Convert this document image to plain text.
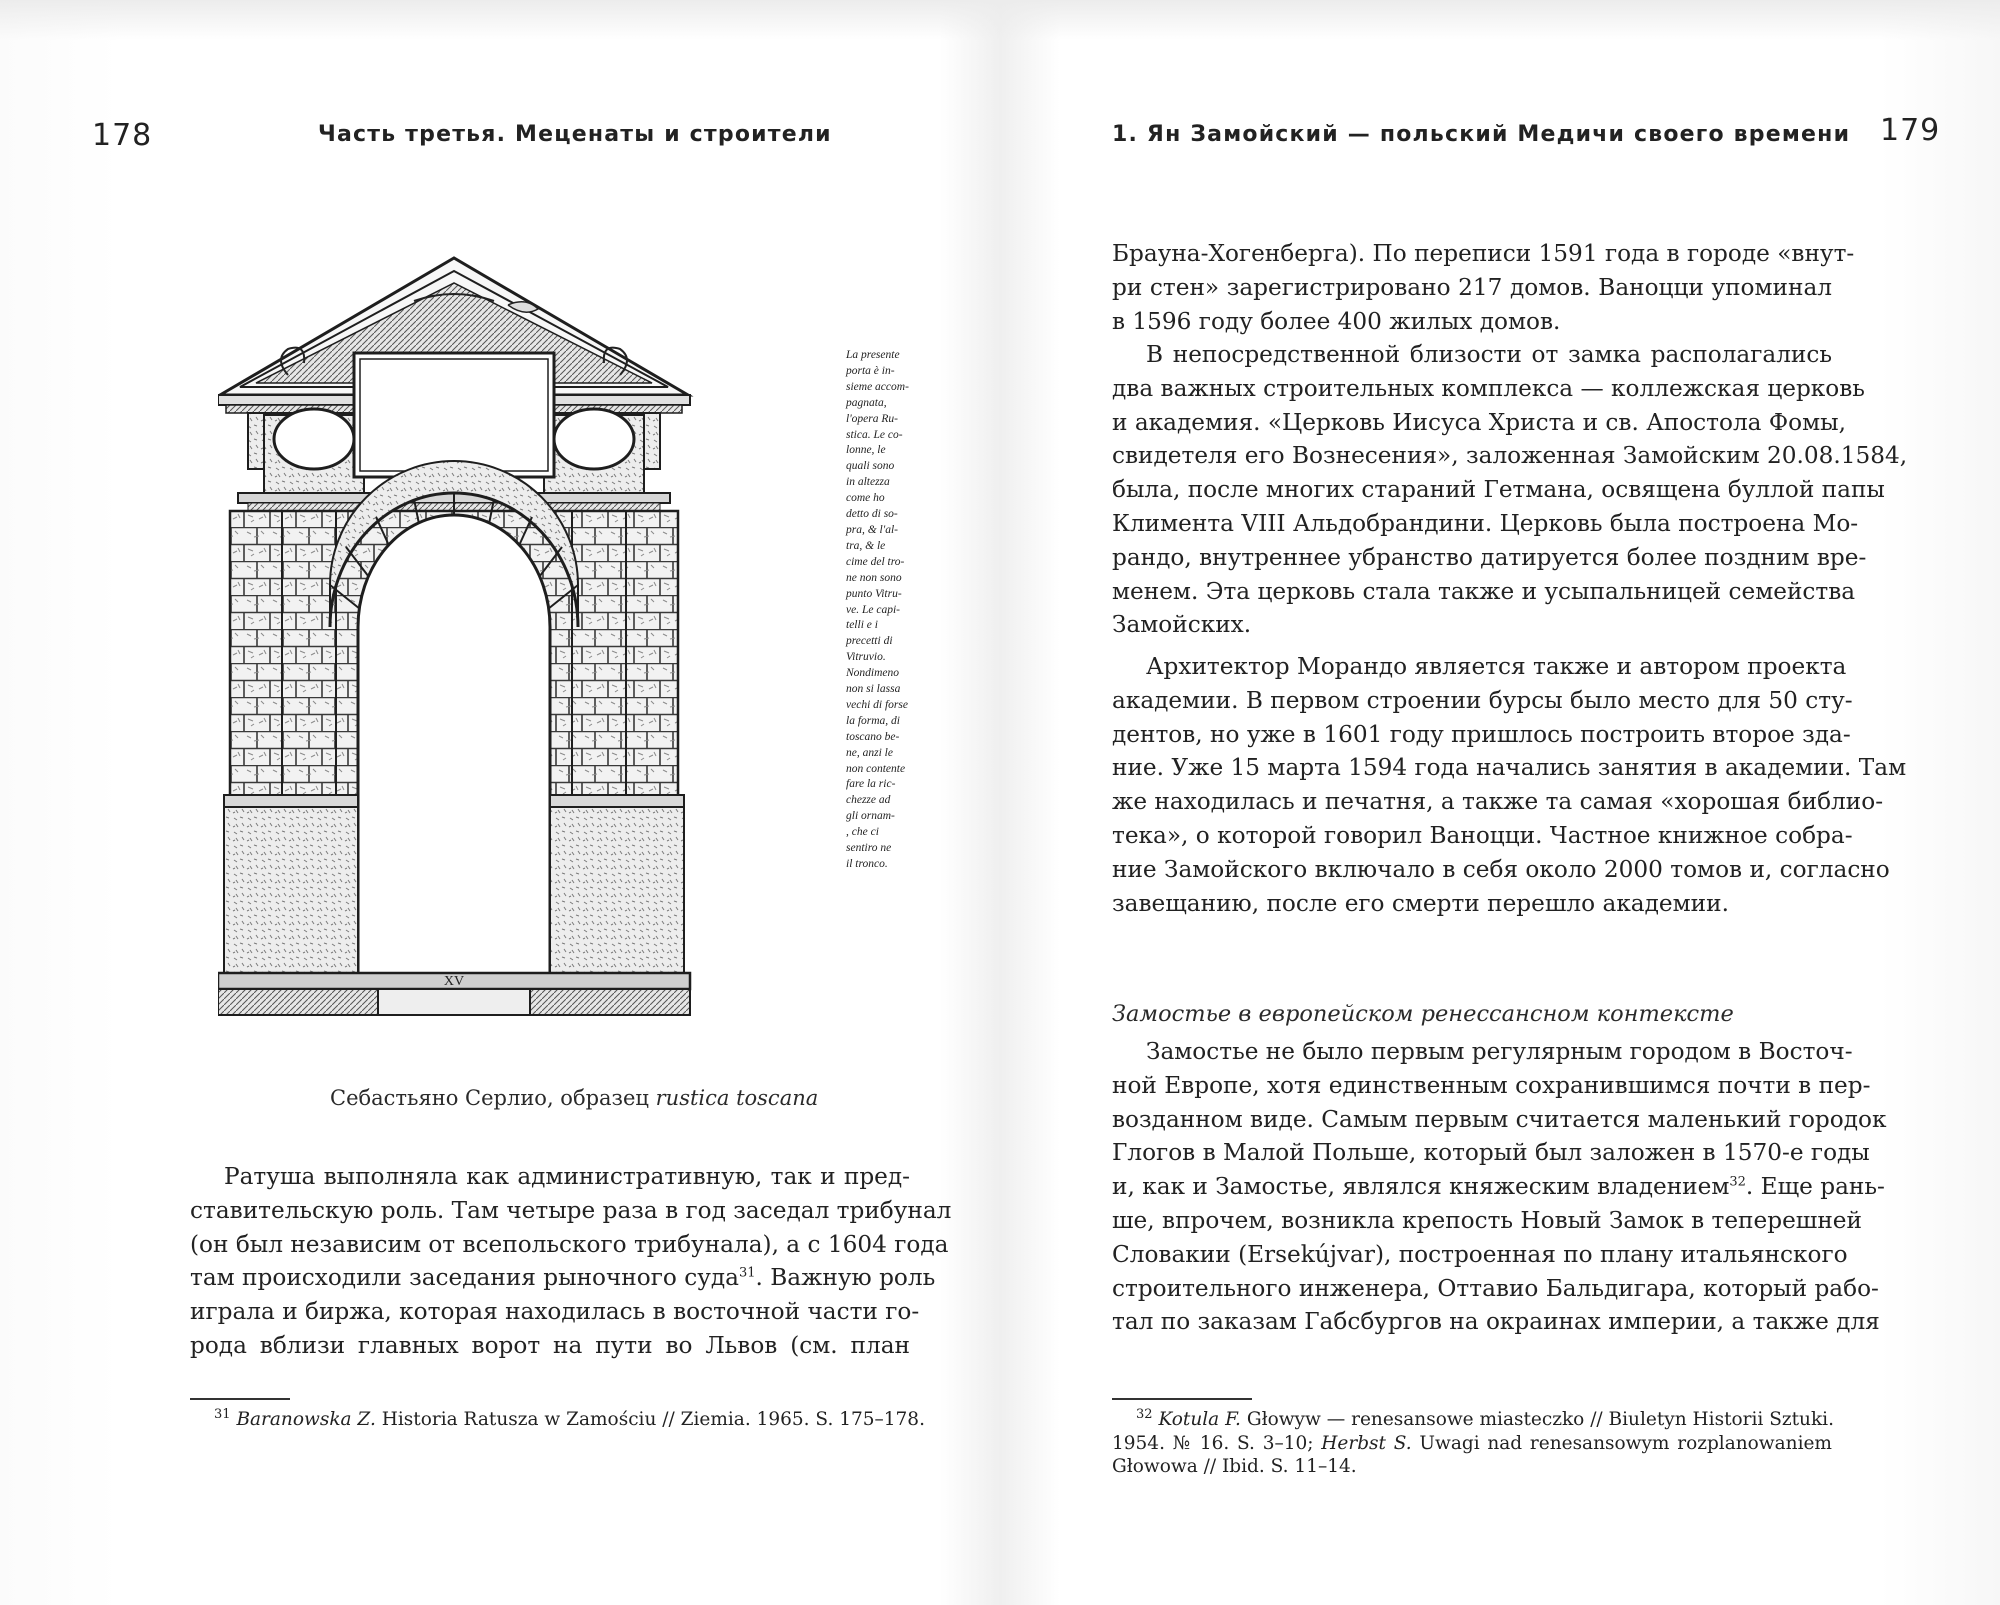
178	Часть третья. Меценаты и строители
XV
La presente
porta è in-
sieme accom-
pagnata,
l'opera Ru-
stica. Le co-
lonne, le
quali sono
in altezza
come ho
detto di so-
pra, & l'al-
tra, & le
cime del tro-
ne non sono
punto Vitru-
ve. Le capi-
telli e i
precetti di
Vitruvio.
Nondimeno
non si lassa
vechi di forse
la forma, di
toscano be-
ne, anzi le
non contente
fare la ric-
chezze ad
gli ornam-
, che ci
sentiro ne
il tronco.
Себастьяно Серлио, образец rustica toscana
Ратуша выполняла как административную, так и пред-
ставительскую роль. Там четыре раза в год заседал трибунал
(он был независим от всепольского трибунала), а с 1604 года
там происходили заседания рыночного суда$^{31}$. Важную роль
играла и биржа, которая находилась в восточной части го-
рода вблизи главных ворот на пути во Львов (см. план
$^{31}$ Baranowska Z. Historia Ratusza w Zamościu // Ziemia. 1965. S. 175–178.
1. Ян Замойский — польский Медичи своего времени 179
Брауна-Хогенберга). По переписи 1591 года в городе «внут-
ри стен» зарегистрировано 217 домов. Ваноцци упоминал
в 1596 году более 400 жилых домов.
В непосредственной близости от замка располагались
два важных строительных комплекса — коллежская церковь
и академия. «Церковь Иисуса Христа и св. Апостола Фомы,
свидетеля его Вознесения», заложенная Замойским 20.08.1584,
была, после многих стараний Гетмана, освящена буллой папы
Климента VIII Альдобрандини. Церковь была построена Мо-
рандо, внутреннее убранство датируется более поздним вре-
менем. Эта церковь стала также и усыпальницей семейства
Замойских.
Архитектор Морандо является также и автором проекта
академии. В первом строении бурсы было место для 50 сту-
дентов, но уже в 1601 году пришлось построить второе зда-
ние. Уже 15 марта 1594 года начались занятия в академии. Там
же находилась и печатня, а также та самая «хорошая библио-
тека», о которой говорил Ваноцци. Частное книжное собра-
ние Замойского включало в себя около 2000 томов и, согласно
завещанию, после его смерти перешло академии.
Замостье в европейском ренессансном контексте
Замостье не было первым регулярным городом в Восточ-
ной Европе, хотя единственным сохранившимся почти в пер-
возданном виде. Самым первым считается маленький городок
Глогов в Малой Польше, который был заложен в 1570-е годы
и, как и Замостье, являлся княжеским владением$^{32}$. Еще рань-
ше, впрочем, возникла крепость Новый Замок в теперешней
Словакии (Ersekújvar), построенная по плану итальянского
строительного инженера, Оттавио Бальдигара, который рабо-
тал по заказам Габсбургов на окраинах империи, а также для
$^{32}$ Kotula F. Głowyw — renesansowe miasteczko // Biuletyn Historii Sztuki.
1954. № 16. S. 3–10; Herbst S. Uwagi nad renesansowym rozplanowaniem
Głowowa // Ibid. S. 11–14.
